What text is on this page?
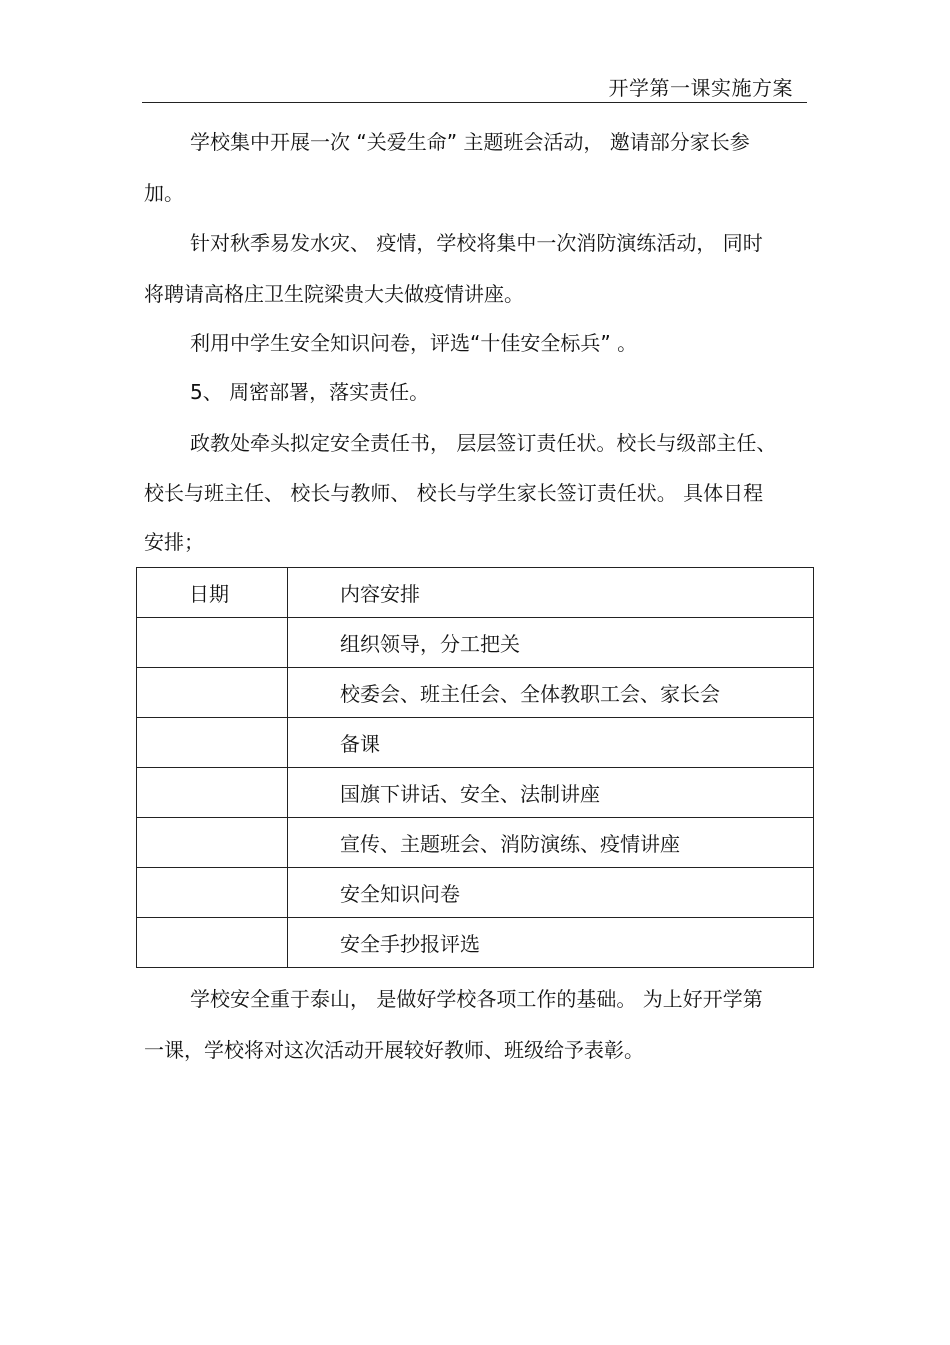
开学第一课实施方案
学校集中开展一次 “关爱生命” 主题班会活动， 邀请部分家长参
加。
针对秋季易发水灾、 疫情，学校将集中一次消防演练活动， 同时
将聘请高格庄卫生院梁贵大夫做疫情讲座。
利用中学生安全知识问卷，评选“十佳安全标兵” 。
5、 周密部署，落实责任。
政教处牵头拟定安全责任书， 层层签订责任状。校长与级部主任、
校长与班主任、 校长与教师、 校长与学生家长签订责任状。 具体日程
安排；
日期	内容安排
	组织领导，分工把关
	校委会、班主任会、全体教职工会、家长会
	备课
	国旗下讲话、安全、法制讲座
	宣传、主题班会、消防演练、疫情讲座
	安全知识问卷
	安全手抄报评选
学校安全重于泰山， 是做好学校各项工作的基础。 为上好开学第
一课，学校将对这次活动开展较好教师、班级给予表彰。
